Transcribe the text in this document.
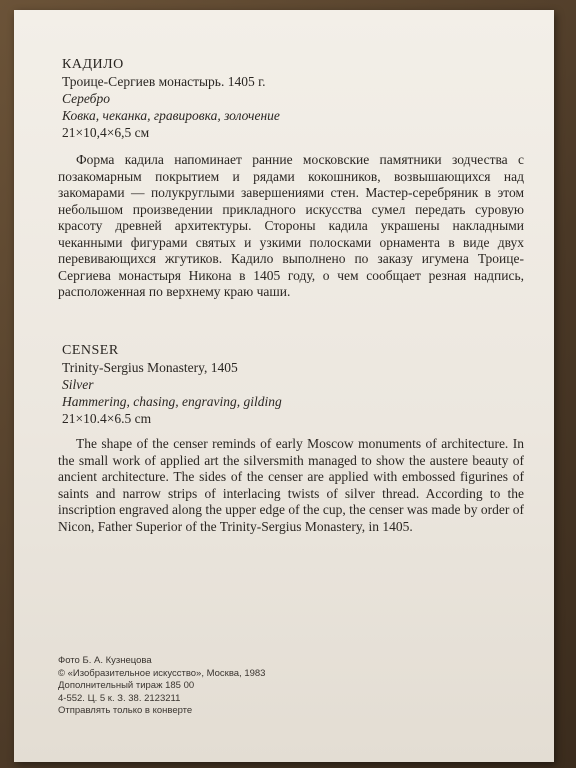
КАДИЛО
Троице-Сергиев монастырь. 1405 г.
Серебро
Ковка, чеканка, гравировка, золочение
21×10,4×6,5 см
Форма кадила напоминает ранние московские памятники зодчества с позакомарным покрытием и рядами кокошников, возвышающихся над закомарами — полукруглыми завершениями стен. Мастер-серебряник в этом небольшом произведении прикладного искусства сумел передать суровую красоту древней архитектуры. Стороны кадила украшены накладными чеканными фигурами святых и узкими полосками орнамента в виде двух перевивающихся жгутиков. Кадило выполнено по заказу игумена Троице-Сергиева монастыря Никона в 1405 году, о чем сообщает резная надпись, расположенная по верхнему краю чаши.
CENSER
Trinity-Sergius Monastery, 1405
Silver
Hammering, chasing, engraving, gilding
21×10.4×6.5 cm
The shape of the censer reminds of early Moscow monuments of architecture. In the small work of applied art the silversmith managed to show the austere beauty of ancient architecture. The sides of the censer are applied with embossed figurines of saints and narrow strips of interlacing twists of silver thread. According to the inscription engraved along the upper edge of the cup, the censer was made by order of Nicon, Father Superior of the Trinity-Sergius Monastery, in 1405.
Фото Б. А. Кузнецова
© «Изобразительное искусство», Москва, 1983
Дополнительный тираж 185 00
4-552. Ц. 5 к. З. 38. 2123211
Отправлять только в конверте
